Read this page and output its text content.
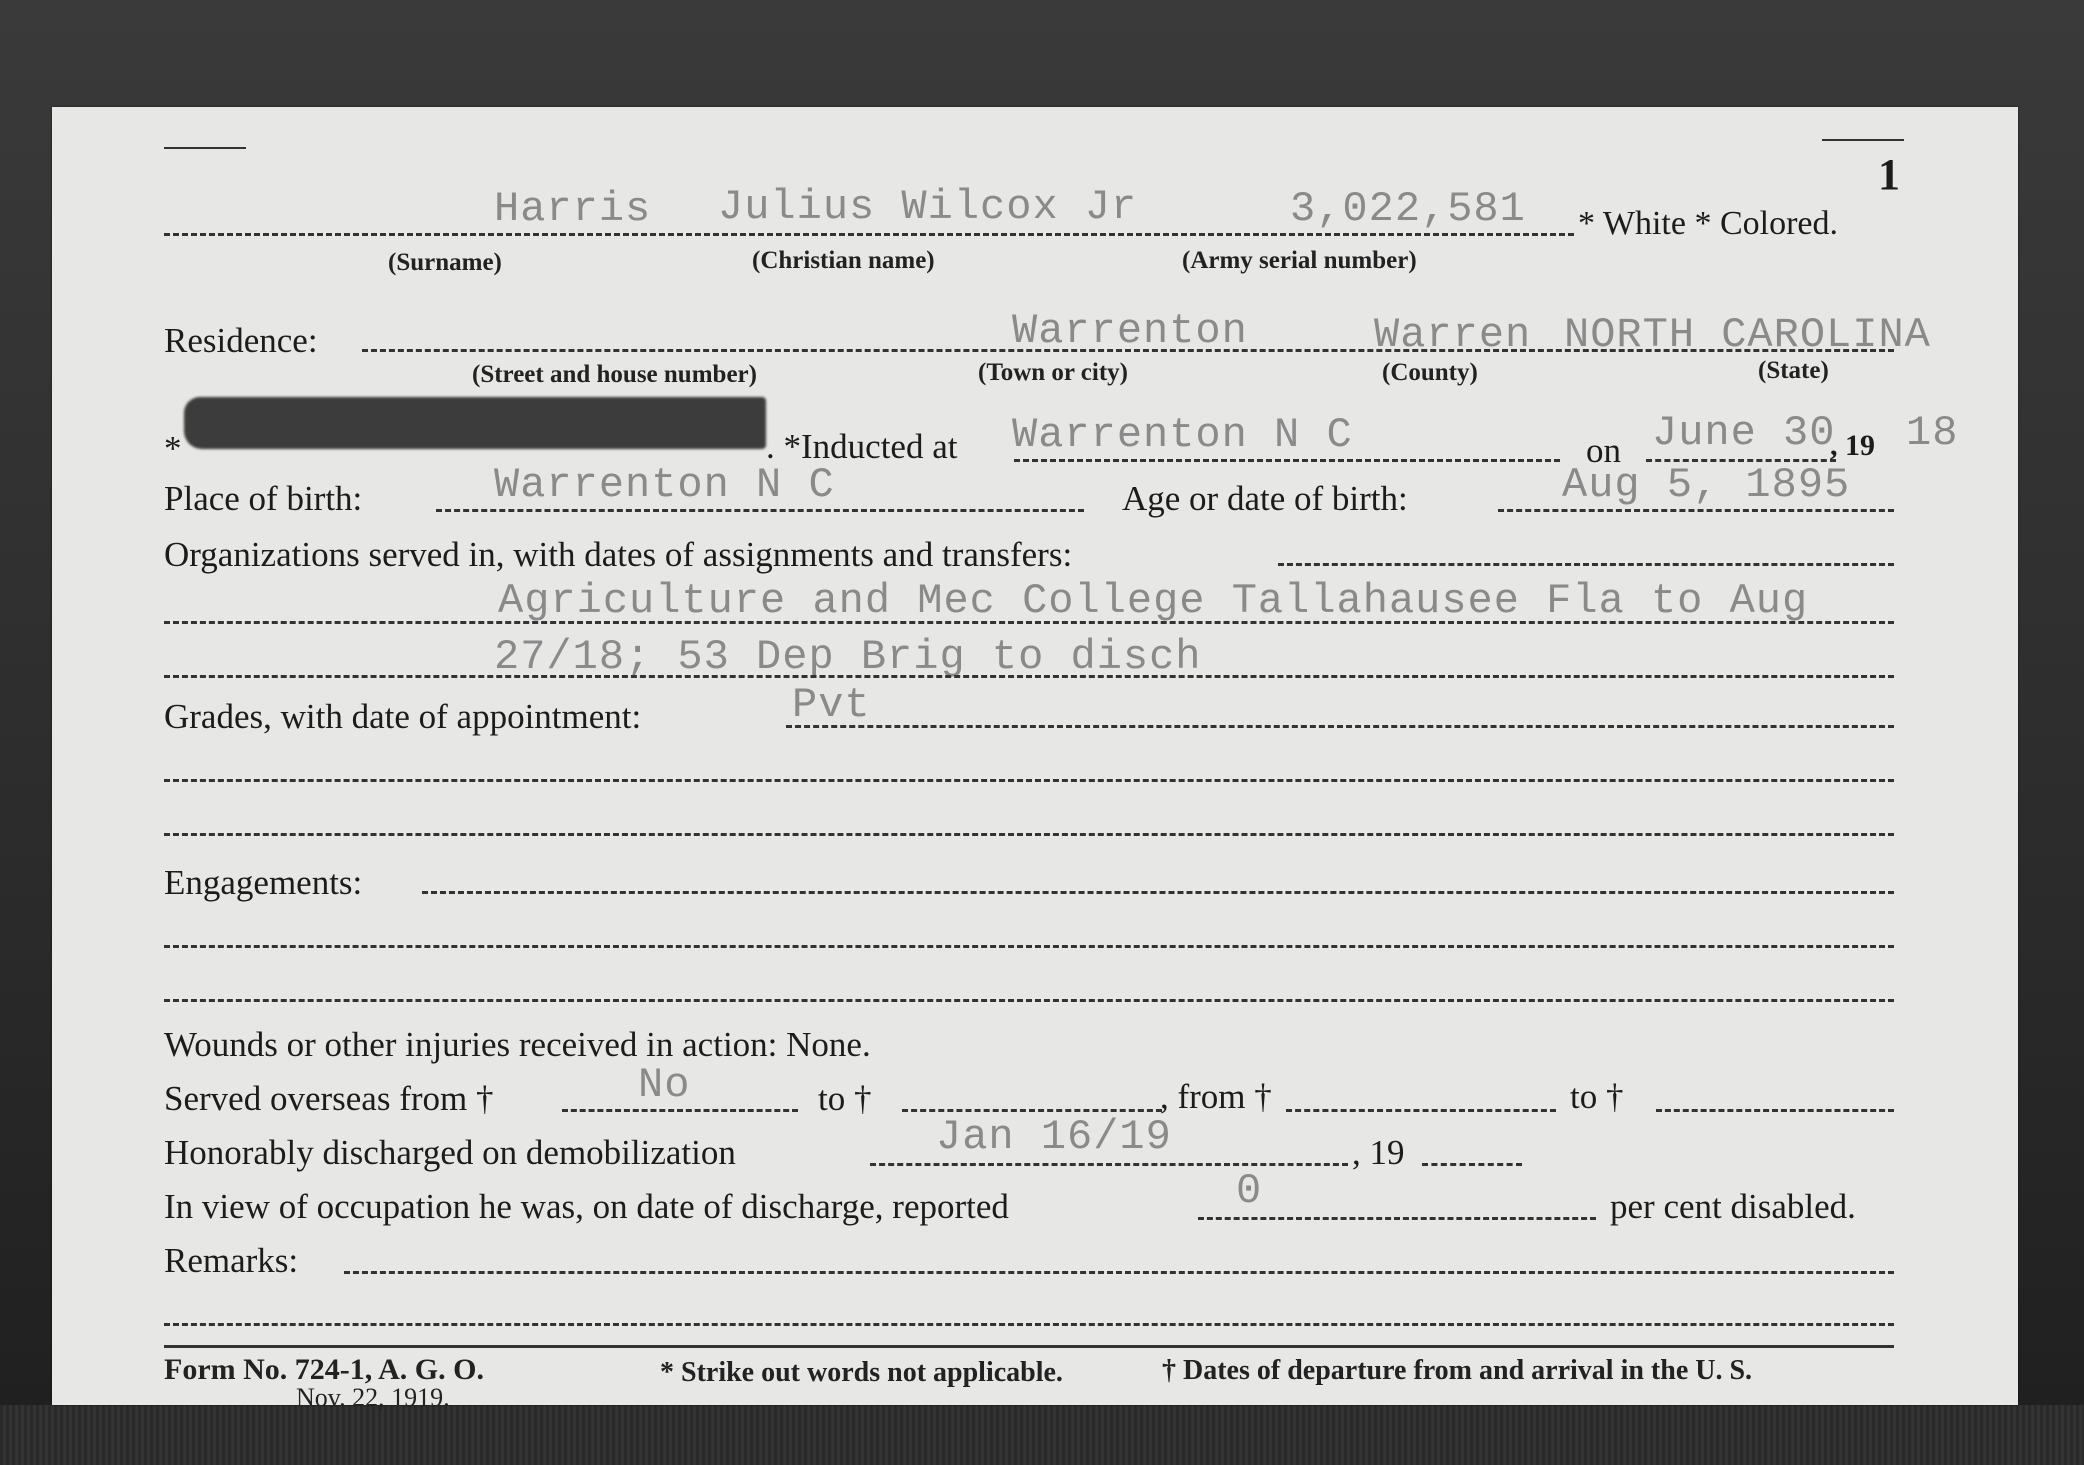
1
Harris Julius Wilcox Jr	3,022,581 * White * Colored.
(Surname)	(Christian name)	(Army serial number)
Residence:	Warrenton	Warren NORTH CAROLINA
(Street and house number)	(Town or city)	(County)	(State)
*	. *Inducted at Warrenton N C	on June 30
, 19 18
Place of birth:	Warrenton N C	Age or date of birth:	Aug 5, 1895
Organizations served in, with dates of assignments and transfers:
Agriculture and Mec College Tallahausee Fla to Aug
27/18; 53 Dep Brig to disch
Grades, with date of appointment:	Pvt
Engagements:
Wounds or other injuries received in action: None.
Served overseas from †	No	to †	, from †	to †
Honorably discharged on demobilization	Jan 16/19	, 19
In view of occupation he was, on date of discharge, reported	0	per cent disabled.
Remarks:
Form No. 724-1, A. G. O.
Nov. 22, 1919.
* Strike out words not applicable.	† Dates of departure from and arrival in the U. S.
